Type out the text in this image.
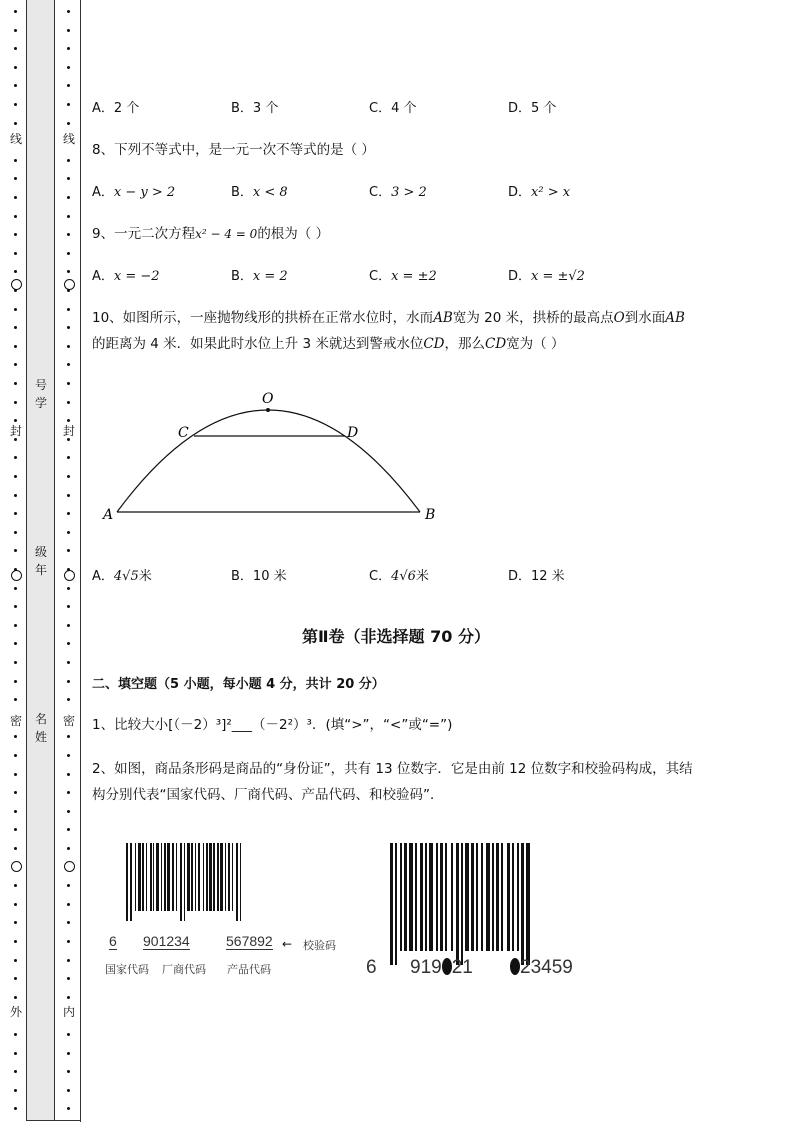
线
封
密
外
线
封
密
内
号学
级年
名姓
A．2 个	B．3 个	C．4 个	D．5 个
8、下列不等式中，是一元一次不等式的是（ ）
A．x − y > 2	B．x < 8	C．3 > 2	D．x² > x
9、一元二次方程x² − 4 = 0的根为（ ）
A．x = −2	B．x = 2	C．x = ±2	D．x = ±√2
10、如图所示，一座抛物线形的拱桥在正常水位时，水而AB宽为 20 米，拱桥的最高点O到水面AB
的距离为 4 米．如果此时水位上升 3 米就达到警戒水位CD，那么CD宽为（ ）
O
C	D
A	B
A．4√5米	B．10 米	C．4√6米	D．12 米
第Ⅱ卷（非选择题 70 分）
二、填空题（5 小题，每小题 4 分，共计 20 分）
1、比较大小[（－2）³]²___（－2²）³．(填“>”，“<”或“=”)
2、如图，商品条形码是商品的“身份证”，共有 13 位数字．它是由前 12 位数字和校验码构成，其结
构分别代表“国家代码、厂商代码、产品代码、和校验码”．
6 901234	567892 ← 校验码
国家代码 厂商代码 产品代码	6 919 21	23459
